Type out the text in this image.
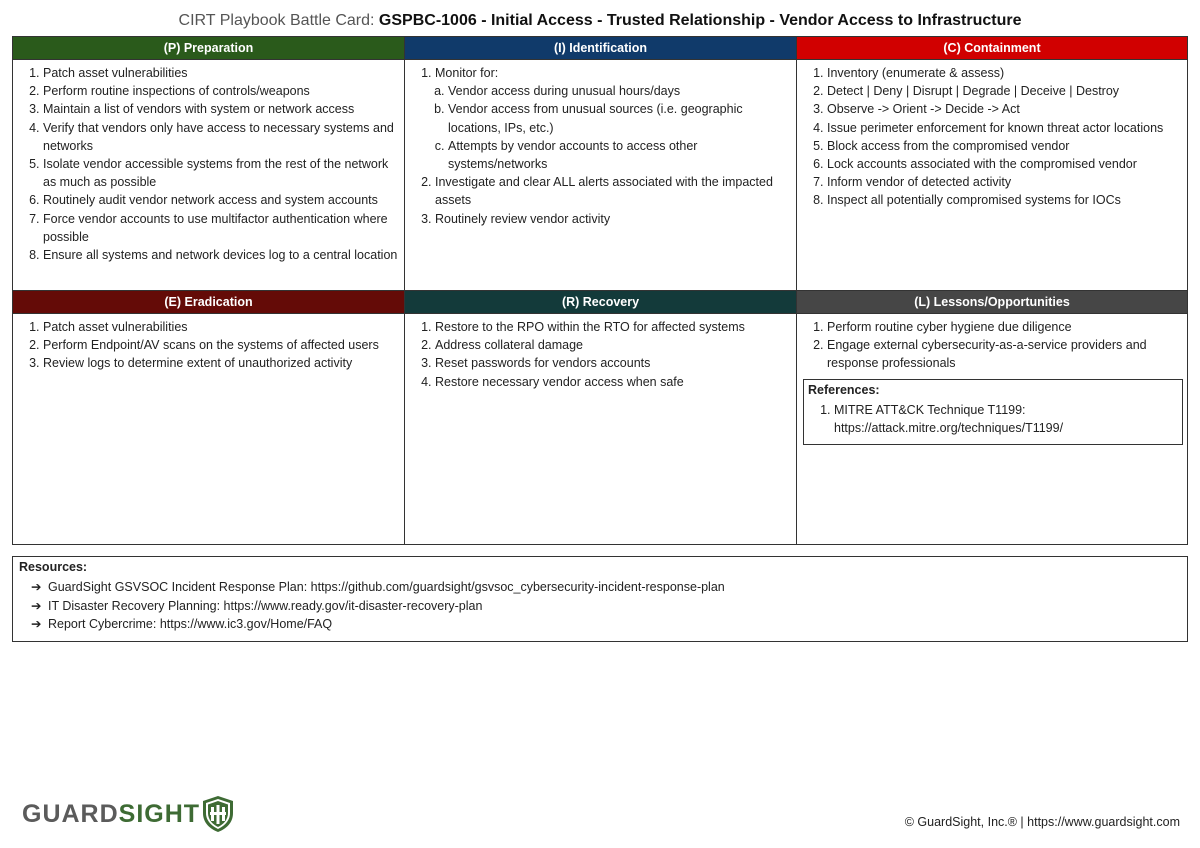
CIRT Playbook Battle Card: GSPBC-1006 - Initial Access - Trusted Relationship - Vendor Access to Infrastructure
(P) Preparation
1. Patch asset vulnerabilities
2. Perform routine inspections of controls/weapons
3. Maintain a list of vendors with system or network access
4. Verify that vendors only have access to necessary systems and networks
5. Isolate vendor accessible systems from the rest of the network as much as possible
6. Routinely audit vendor network access and system accounts
7. Force vendor accounts to use multifactor authentication where possible
8. Ensure all systems and network devices log to a central location
(I) Identification
1. Monitor for:
a. Vendor access during unusual hours/days
b. Vendor access from unusual sources (i.e. geographic locations, IPs, etc.)
c. Attempts by vendor accounts to access other systems/networks
2. Investigate and clear ALL alerts associated with the impacted assets
3. Routinely review vendor activity
(C) Containment
1. Inventory (enumerate & assess)
2. Detect | Deny | Disrupt | Degrade | Deceive | Destroy
3. Observe -> Orient -> Decide -> Act
4. Issue perimeter enforcement for known threat actor locations
5. Block access from the compromised vendor
6. Lock accounts associated with the compromised vendor
7. Inform vendor of detected activity
8. Inspect all potentially compromised systems for IOCs
(E) Eradication
1. Patch asset vulnerabilities
2. Perform Endpoint/AV scans on the systems of affected users
3. Review logs to determine extent of unauthorized activity
(R) Recovery
1. Restore to the RPO within the RTO for affected systems
2. Address collateral damage
3. Reset passwords for vendors accounts
4. Restore necessary vendor access when safe
(L) Lessons/Opportunities
1. Perform routine cyber hygiene due diligence
2. Engage external cybersecurity-as-a-service providers and response professionals
References:
1. MITRE ATT&CK Technique T1199: https://attack.mitre.org/techniques/T1199/
Resources:
➔ GuardSight GSVSOC Incident Response Plan: https://github.com/guardsight/gsvsoc_cybersecurity-incident-response-plan
➔ IT Disaster Recovery Planning: https://www.ready.gov/it-disaster-recovery-plan
➔ Report Cybercrime: https://www.ic3.gov/Home/FAQ
GUARD SIGHT	© GuardSight, Inc.® | https://www.guardsight.com
